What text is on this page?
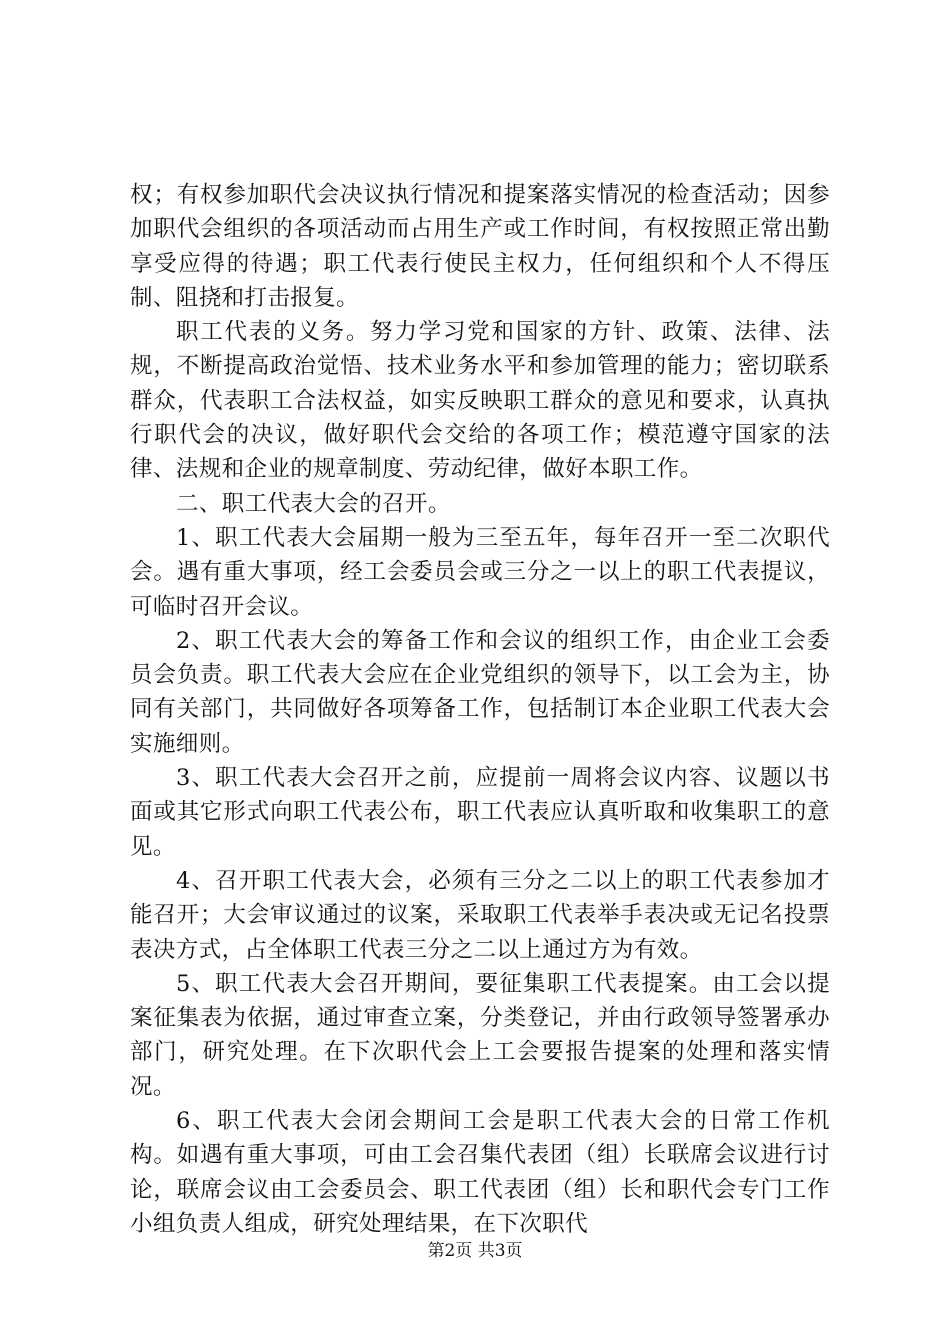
权；有权参加职代会决议执行情况和提案落实情况的检查活动；因参加职代会组织的各项活动而占用生产或工作时间，有权按照正常出勤享受应得的待遇；职工代表行使民主权力，任何组织和个人不得压制、阻挠和打击报复。

职工代表的义务。努力学习党和国家的方针、政策、法律、法规，不断提高政治觉悟、技术业务水平和参加管理的能力；密切联系群众，代表职工合法权益，如实反映职工群众的意见和要求，认真执行职代会的决议，做好职代会交给的各项工作；模范遵守国家的法律、法规和企业的规章制度、劳动纪律，做好本职工作。

二、职工代表大会的召开。

1、职工代表大会届期一般为三至五年，每年召开一至二次职代会。遇有重大事项，经工会委员会或三分之一以上的职工代表提议，可临时召开会议。

2、职工代表大会的筹备工作和会议的组织工作，由企业工会委员会负责。职工代表大会应在企业党组织的领导下，以工会为主，协同有关部门，共同做好各项筹备工作，包括制订本企业职工代表大会实施细则。

3、职工代表大会召开之前，应提前一周将会议内容、议题以书面或其它形式向职工代表公布，职工代表应认真听取和收集职工的意见。

4、召开职工代表大会，必须有三分之二以上的职工代表参加才能召开；大会审议通过的议案，采取职工代表举手表决或无记名投票表决方式，占全体职工代表三分之二以上通过方为有效。

5、职工代表大会召开期间，要征集职工代表提案。由工会以提案征集表为依据，通过审查立案，分类登记，并由行政领导签署承办部门，研究处理。在下次职代会上工会要报告提案的处理和落实情况。

6、职工代表大会闭会期间工会是职工代表大会的日常工作机构。如遇有重大事项，可由工会召集代表团（组）长联席会议进行讨论，联席会议由工会委员会、职工代表团（组）长和职代会专门工作小组负责人组成，研究处理结果，在下次职代

第2页 共3页
